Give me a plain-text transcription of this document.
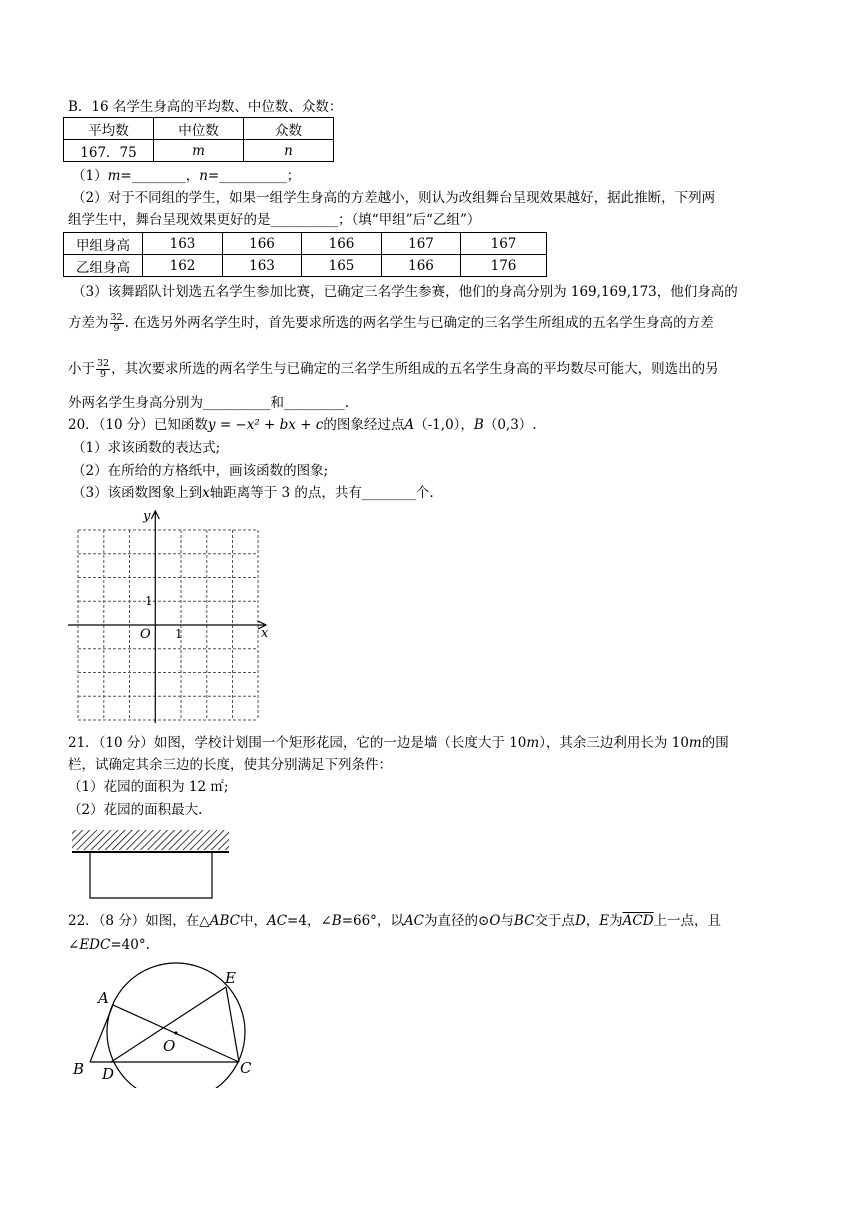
B．16 名学生身高的平均数、中位数、众数：
平均数	中位数	众数
167．75	m	n
（1）m=________，n=__________；
（2）对于不同组的学生，如果一组学生身高的方差越小，则认为改组舞台呈现效果越好，据此推断，下列两
组学生中，舞台呈现效果更好的是__________；（填“甲组”后“乙组”）
甲组身高	163	166	166	167	167
乙组身高	162	163	165	166	176
（3）该舞蹈队计划选五名学生参加比赛，已确定三名学生参赛，他们的身高分别为 169,169,173，他们身高的
方差为 $\frac{32}{9}$ . 在选另外两名学生时，首先要求所选的两名学生与已确定的三名学生所组成的五名学生身高的方差
小于 $\frac{32}{9}$ ，其次要求所选的两名学生与已确定的三名学生所组成的五名学生身高的平均数尽可能大，则选出的另
外两名学生身高分别为__________和_________.
20．（10 分）已知函数y = −x² + bx + c的图象经过点A（-1,0），B（0,3）.
（1）求该函数的表达式;
（2）在所给的方格纸中，画该函数的图象;
（3）该函数图象上到x轴距离等于 3 的点，共有________个.
y
x
O 1
1
21．（10 分）如图，学校计划围一个矩形花园，它的一边是墙（长度大于 10m），其余三边利用长为 10m的围
栏，试确定其余三边的长度，使其分别满足下列条件：
（1）花园的面积为 12 ㎡;
（2）花园的面积最大.
22．（8 分）如图，在△ABC中，AC=4，∠B=66°，以AC为直径的⊙O与BC交于点D，E为$\overline{ACD}$上一点，且
∠EDC=40°.
A
B	C
D
E
O
